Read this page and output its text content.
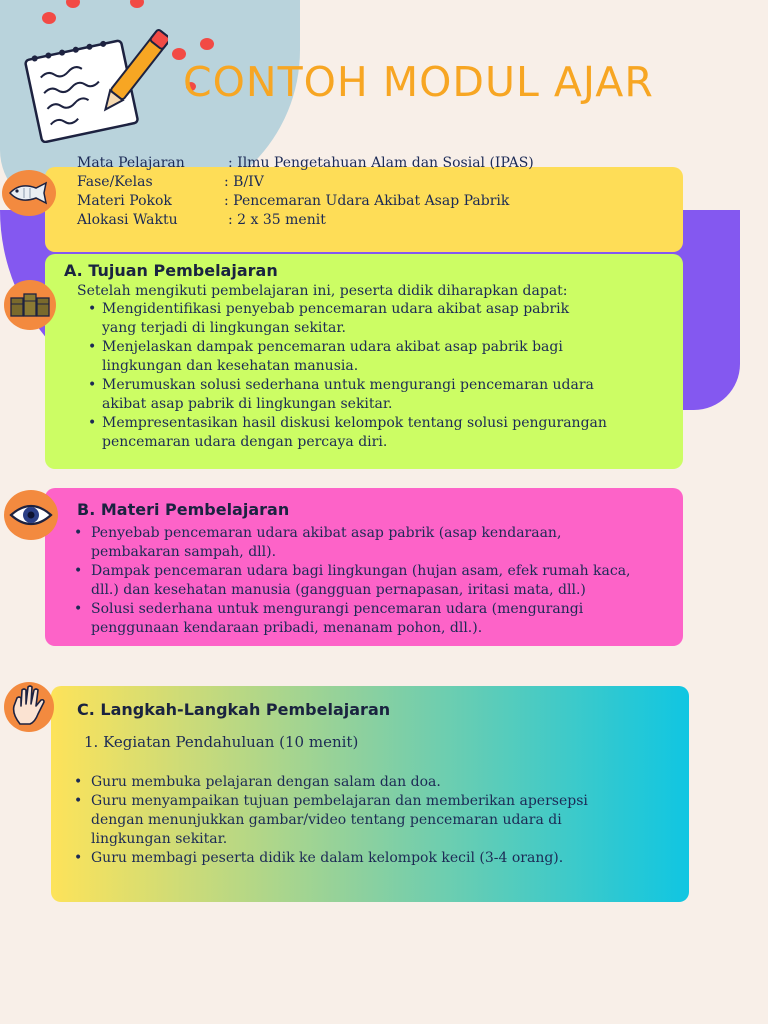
CONTOH MODUL AJAR
Mata Pelajaran	: Ilmu Pengetahuan Alam dan Sosial (IPAS)
Fase/Kelas	: B/IV
Materi Pokok	: Pencemaran Udara Akibat Asap Pabrik
Alokasi Waktu	: 2 x 35 menit
A. Tujuan Pembelajaran
Setelah mengikuti pembelajaran ini, peserta didik diharapkan dapat:
• Mengidentifikasi penyebab pencemaran udara akibat asap pabrik
yang terjadi di lingkungan sekitar.
• Menjelaskan dampak pencemaran udara akibat asap pabrik bagi
lingkungan dan kesehatan manusia.
• Merumuskan solusi sederhana untuk mengurangi pencemaran udara
akibat asap pabrik di lingkungan sekitar.
• Mempresentasikan hasil diskusi kelompok tentang solusi pengurangan
pencemaran udara dengan percaya diri.
B. Materi Pembelajaran
• Penyebab pencemaran udara akibat asap pabrik (asap kendaraan,
pembakaran sampah, dll).
• Dampak pencemaran udara bagi lingkungan (hujan asam, efek rumah kaca,
dll.) dan kesehatan manusia (gangguan pernapasan, iritasi mata, dll.)
• Solusi sederhana untuk mengurangi pencemaran udara (mengurangi
penggunaan kendaraan pribadi, menanam pohon, dll.).
C. Langkah-Langkah Pembelajaran
1. Kegiatan Pendahuluan (10 menit)
• Guru membuka pelajaran dengan salam dan doa.
• Guru menyampaikan tujuan pembelajaran dan memberikan apersepsi
dengan menunjukkan gambar/video tentang pencemaran udara di
lingkungan sekitar.
• Guru membagi peserta didik ke dalam kelompok kecil (3-4 orang).
